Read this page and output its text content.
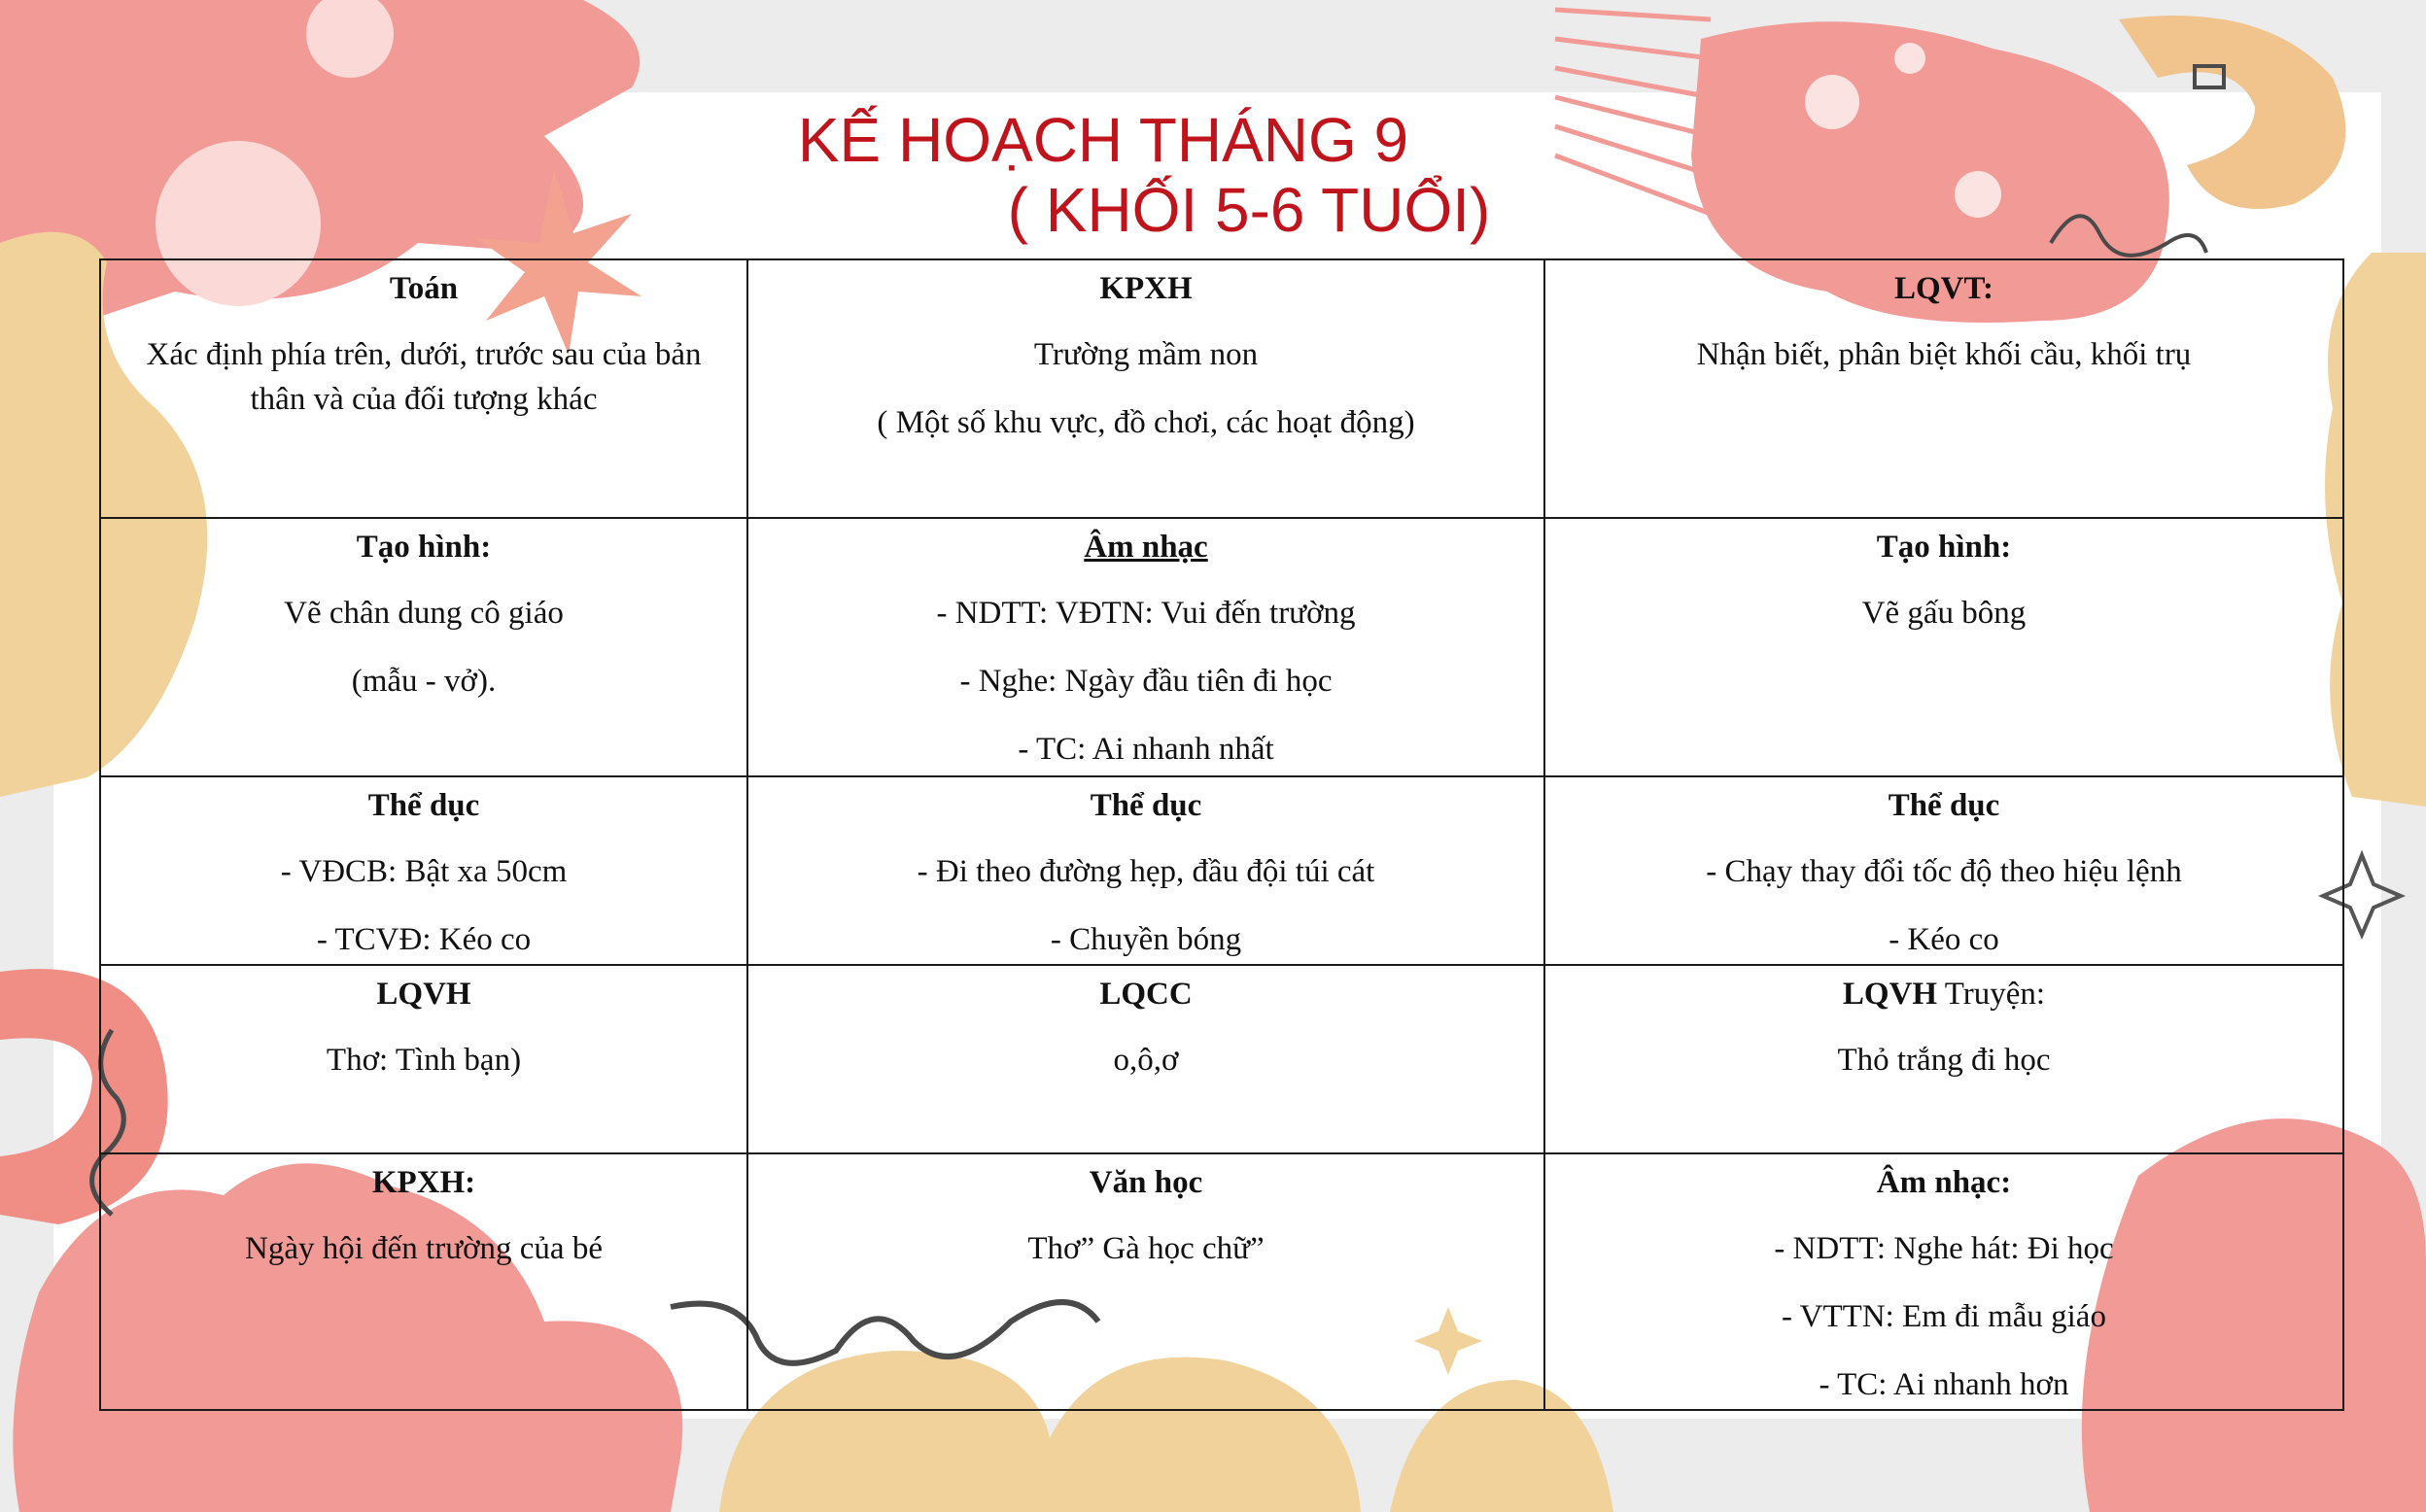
KẾ HOẠCH THÁNG 9
( KHỐI 5-6 TUỔI)
Toán
Xác định phía trên, dưới, trước sau của bản thân và của đối tượng khác	KPXH
Trường mầm non
( Một số khu vực, đồ chơi, các hoạt động)	LQVT:
Nhận biết, phân biệt khối cầu, khối trụ

Tạo hình:
Vẽ chân dung cô giáo
(mẫu - vở).	Âm nhạc
- NDTT: VĐTN: Vui đến trường
- Nghe: Ngày đầu tiên đi học
- TC: Ai nhanh nhất	Tạo hình:
Vẽ gấu bông

Thể dục
- VĐCB: Bật xa 50cm
- TCVĐ: Kéo co	Thể dục
- Đi theo đường hẹp, đầu đội túi cát
- Chuyền bóng	Thể dục
- Chạy thay đổi tốc độ theo hiệu lệnh
- Kéo co

LQVH
Thơ: Tình bạn)	LQCC
o,ô,ơ	LQVH Truyện:
Thỏ trắng đi học

KPXH:
Ngày hội đến trường của bé	Văn học
Thơ” Gà học chữ”	Âm nhạc:
- NDTT: Nghe hát: Đi học
- VTTN: Em đi mẫu giáo
- TC: Ai nhanh hơn
